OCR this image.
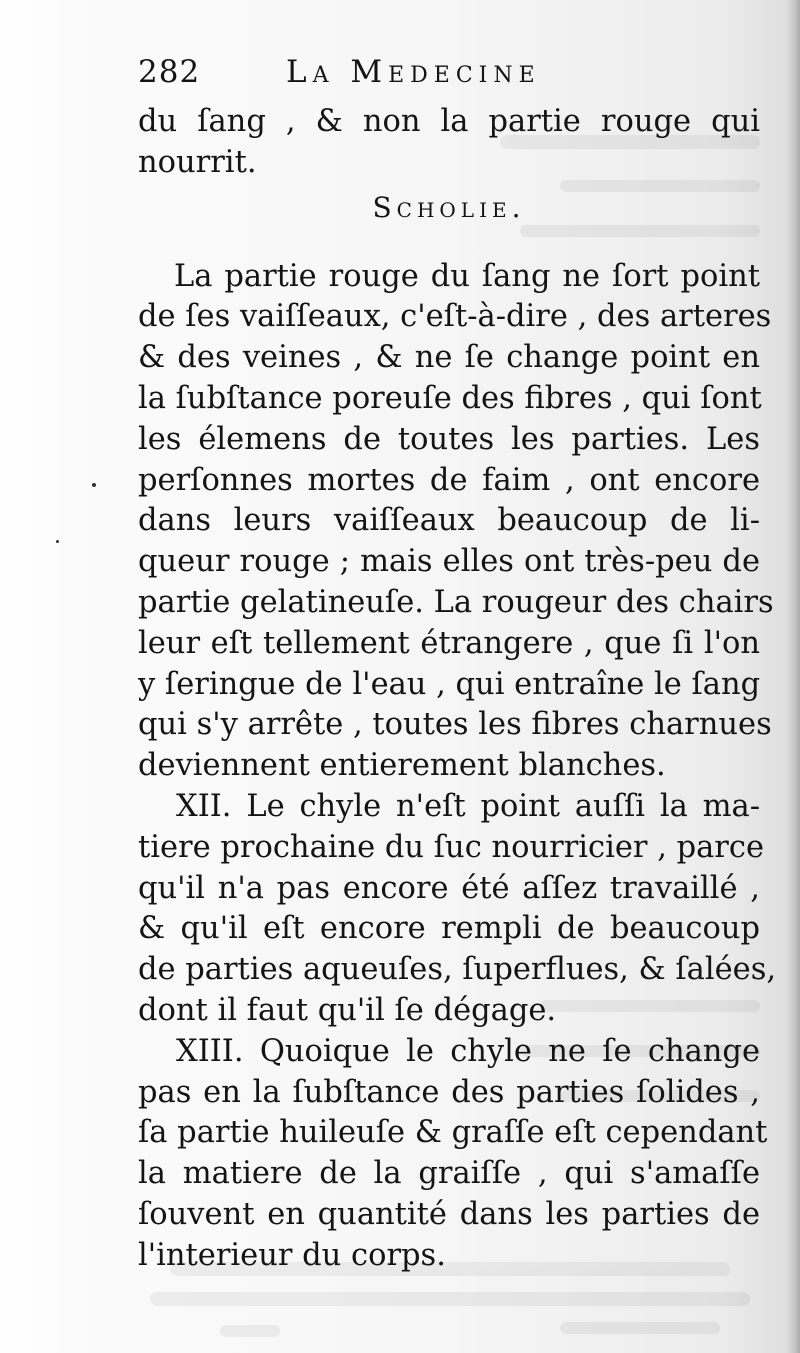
282	La Medecine
du ſang , & non la partie rouge qui
nourrit.
Scholie.
La partie rouge du ſang ne ſort point
de ſes vaiſſeaux, c'eſt-à-dire , des arteres
& des veines , & ne ſe change point en
la ſubſtance poreuſe des fibres , qui ſont
les élemens de toutes les parties. Les
perſonnes mortes de faim , ont encore
dans leurs vaiſſeaux beaucoup de li-
queur rouge ; mais elles ont très-peu de
partie gelatineuſe. La rougeur des chairs
leur eſt tellement étrangere , que ſi l'on
y ſeringue de l'eau , qui entraîne le ſang
qui s'y arrête , toutes les fibres charnues
deviennent entierement blanches.
XII. Le chyle n'eſt point auſſi la ma-
tiere prochaine du ſuc nourricier , parce
qu'il n'a pas encore été aſſez travaillé ,
& qu'il eſt encore rempli de beaucoup
de parties aqueuſes, ſuperflues, & ſalées,
dont il faut qu'il ſe dégage.
XIII. Quoique le chyle ne ſe change
pas en la ſubſtance des parties ſolides ,
ſa partie huileuſe & graſſe eſt cependant
la matiere de la graiſſe , qui s'amaſſe
ſouvent en quantité dans les parties de
l'interieur du corps.
